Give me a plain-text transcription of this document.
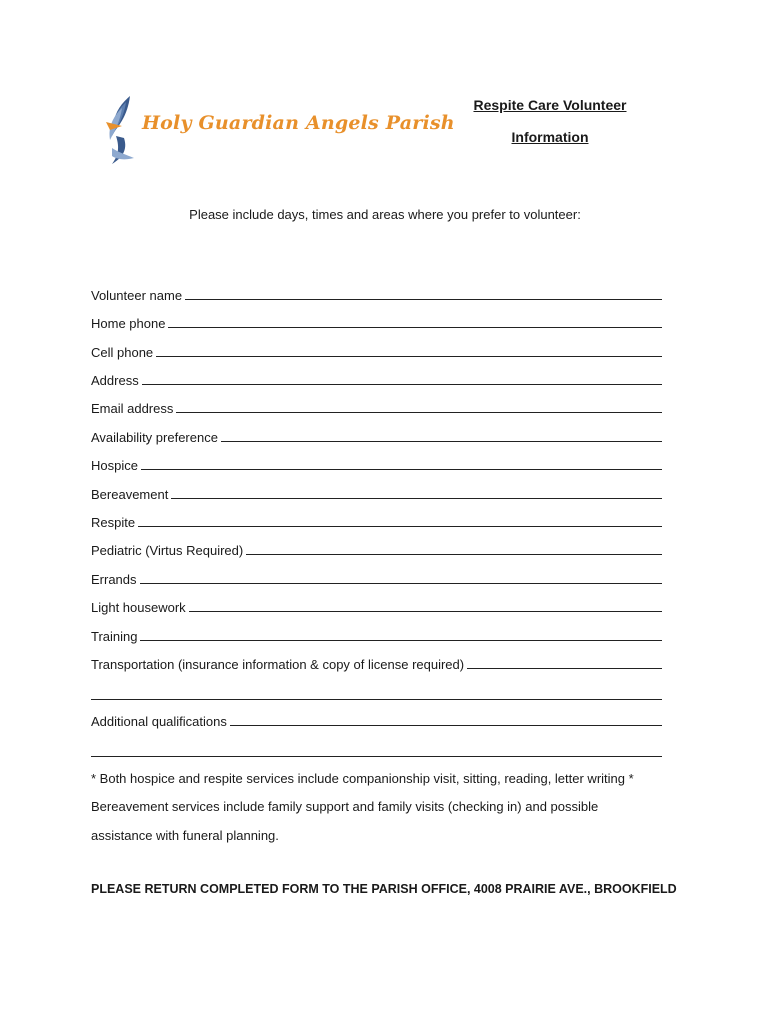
Holy Guardian Angels Parish
Respite Care Volunteer
Information
Please include days, times and areas where you prefer to volunteer:
Volunteer name
Home phone
Cell phone
Address
Email address
Availability preference
Hospice
Bereavement
Respite
Pediatric (Virtus Required)
Errands
Light housework
Training
Transportation (insurance information & copy of license required)
Additional qualifications
* Both hospice and respite services include companionship visit, sitting, reading, letter writing *
Bereavement services include family support and family visits (checking in) and possible
assistance with funeral planning.
PLEASE RETURN COMPLETED FORM TO THE PARISH OFFICE, 4008 PRAIRIE AVE., BROOKFIELD
